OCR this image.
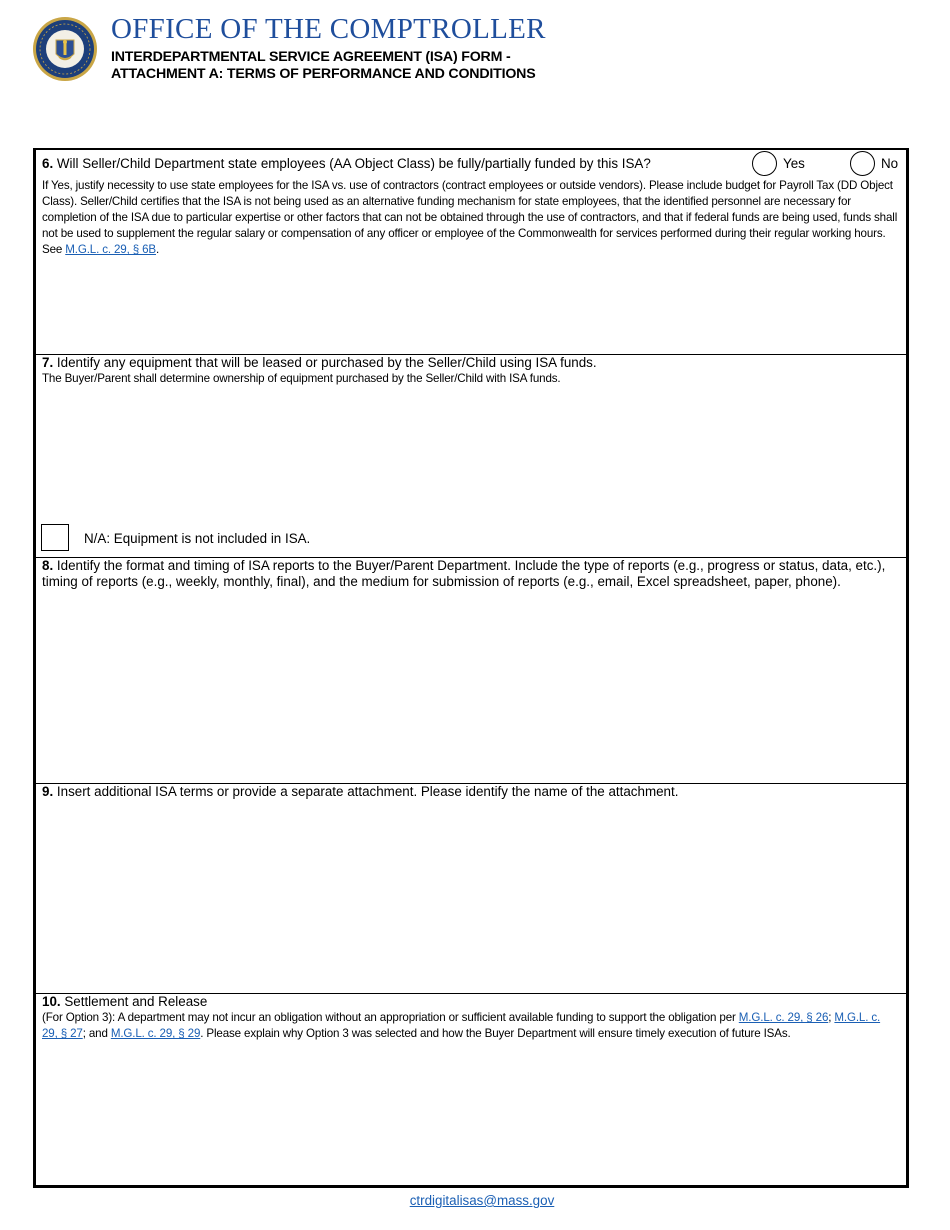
OFFICE OF THE COMPTROLLER
INTERDEPARTMENTAL SERVICE AGREEMENT (ISA) FORM -
ATTACHMENT A: TERMS OF PERFORMANCE AND CONDITIONS
6. Will Seller/Child Department state employees (AA Object Class) be fully/partially funded by this ISA?	Yes	No
If Yes, justify necessity to use state employees for the ISA vs. use of contractors (contract employees or outside vendors). Please include budget for Payroll Tax (DD Object Class). Seller/Child certifies that the ISA is not being used as an alternative funding mechanism for state employees, that the identified personnel are necessary for completion of the ISA due to particular expertise or other factors that can not be obtained through the use of contractors, and that if federal funds are being used, funds shall not be used to supplement the regular salary or compensation of any officer or employee of the Commonwealth for services performed during their regular working hours. See M.G.L. c. 29, § 6B.
7. Identify any equipment that will be leased or purchased by the Seller/Child using ISA funds.
The Buyer/Parent shall determine ownership of equipment purchased by the Seller/Child with ISA funds.
N/A: Equipment is not included in ISA.
8. Identify the format and timing of ISA reports to the Buyer/Parent Department. Include the type of reports (e.g., progress or status, data, etc.), timing of reports (e.g., weekly, monthly, final), and the medium for submission of reports (e.g., email, Excel spreadsheet, paper, phone).
9. Insert additional ISA terms or provide a separate attachment. Please identify the name of the attachment.
10. Settlement and Release
(For Option 3): A department may not incur an obligation without an appropriation or sufficient available funding to support the obligation per M.G.L. c. 29, § 26; M.G.L. c. 29, § 27; and M.G.L. c. 29, § 29. Please explain why Option 3 was selected and how the Buyer Department will ensure timely execution of future ISAs.
ctrdigitalisas@mass.gov
